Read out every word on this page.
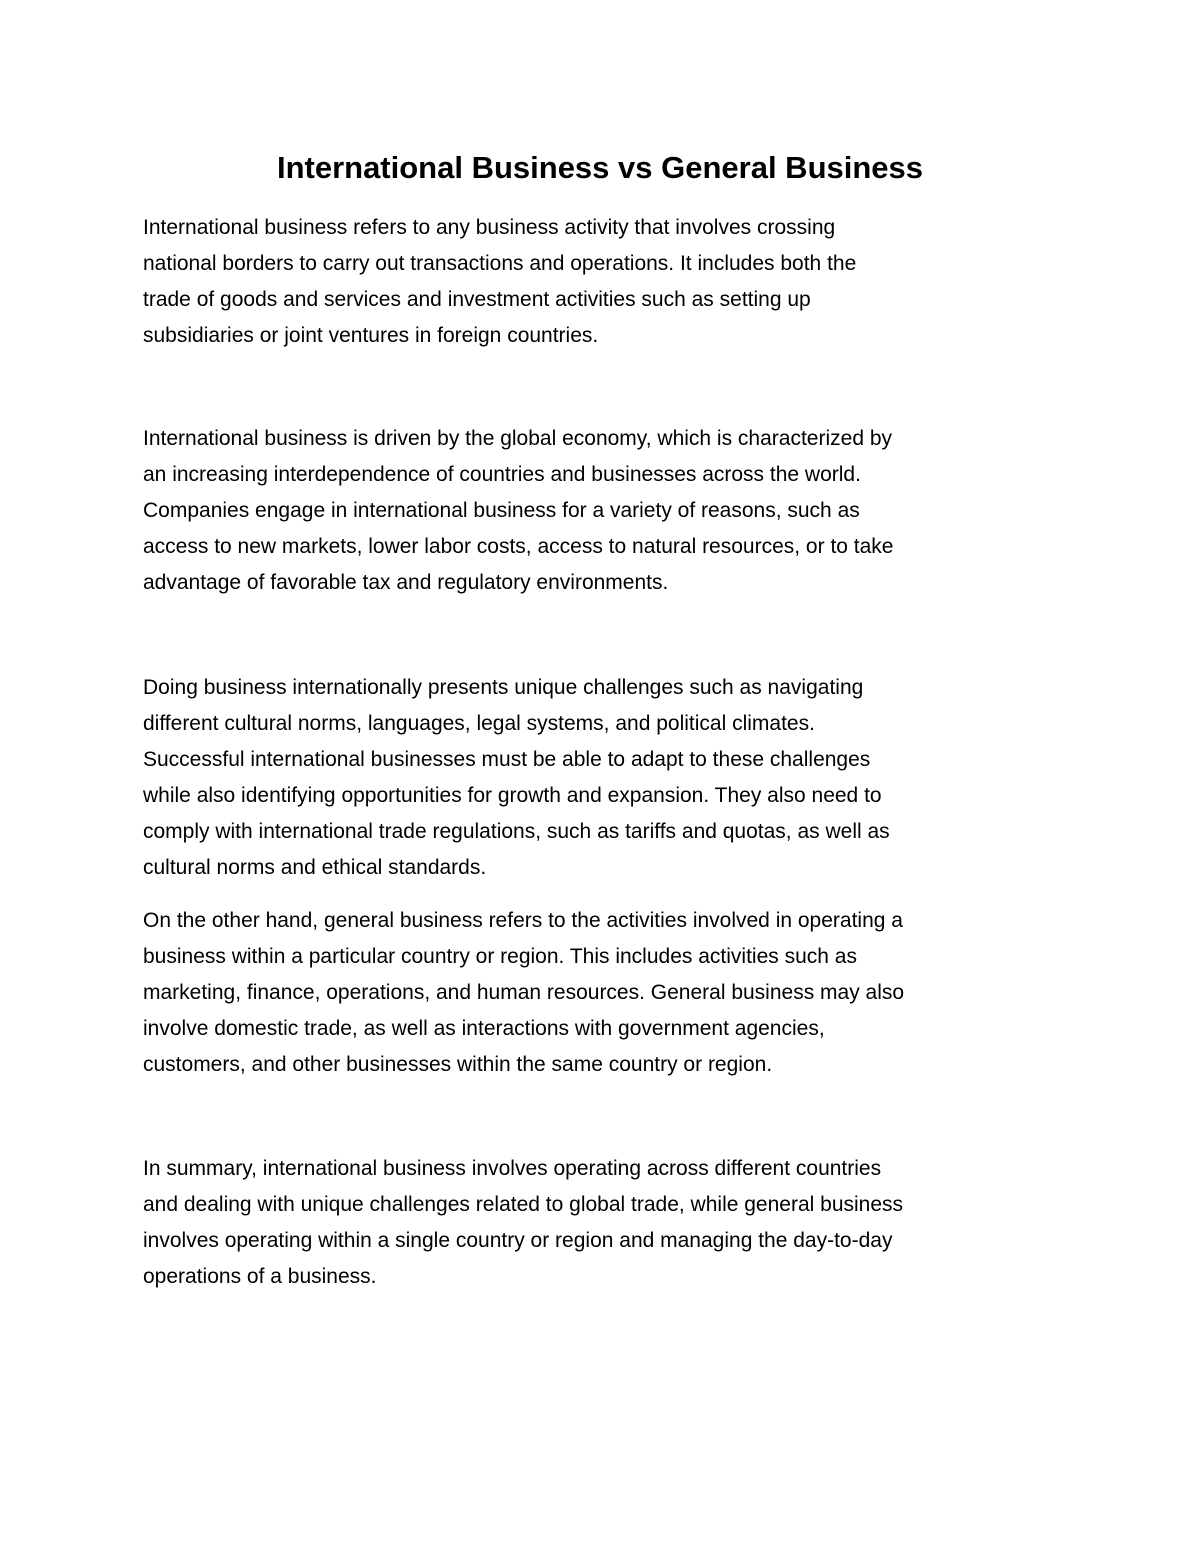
International Business vs General Business

International business refers to any business activity that involves crossing
national borders to carry out transactions and operations. It includes both the
trade of goods and services and investment activities such as setting up
subsidiaries or joint ventures in foreign countries.

International business is driven by the global economy, which is characterized by
an increasing interdependence of countries and businesses across the world.
Companies engage in international business for a variety of reasons, such as
access to new markets, lower labor costs, access to natural resources, or to take
advantage of favorable tax and regulatory environments.

Doing business internationally presents unique challenges such as navigating
different cultural norms, languages, legal systems, and political climates.
Successful international businesses must be able to adapt to these challenges
while also identifying opportunities for growth and expansion. They also need to
comply with international trade regulations, such as tariffs and quotas, as well as
cultural norms and ethical standards.

On the other hand, general business refers to the activities involved in operating a
business within a particular country or region. This includes activities such as
marketing, finance, operations, and human resources. General business may also
involve domestic trade, as well as interactions with government agencies,
customers, and other businesses within the same country or region.

In summary, international business involves operating across different countries
and dealing with unique challenges related to global trade, while general business
involves operating within a single country or region and managing the day-to-day
operations of a business.
